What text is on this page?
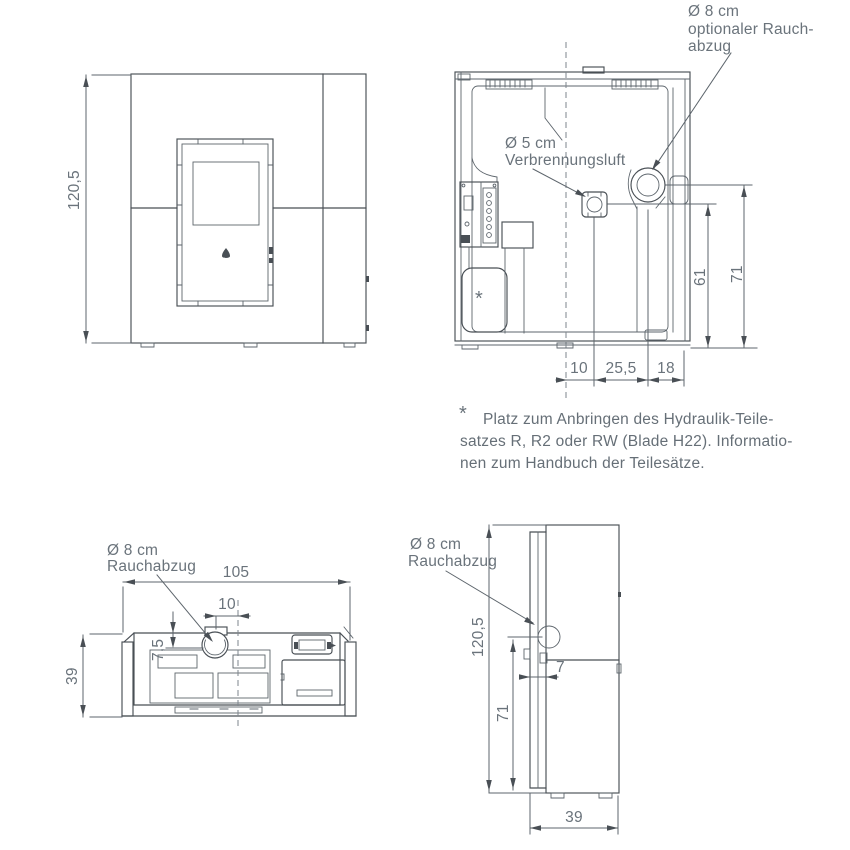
120,5
*
Ø 8 cm
optionaler Rauch-
abzug
Ø 5 cm
Verbrennungsluft
61 71
10 25,5 18
* Platz zum Anbringen des Hydraulik-Teile-
satzes R, R2 oder RW (Blade H22). Informatio-
nen zum Handbuch der Teilesätze.
Ø 8 cm
Rauchabzug 105
10
7,5
39
Ø 8 cm
Rauchabzug
120,5
71
7
39
